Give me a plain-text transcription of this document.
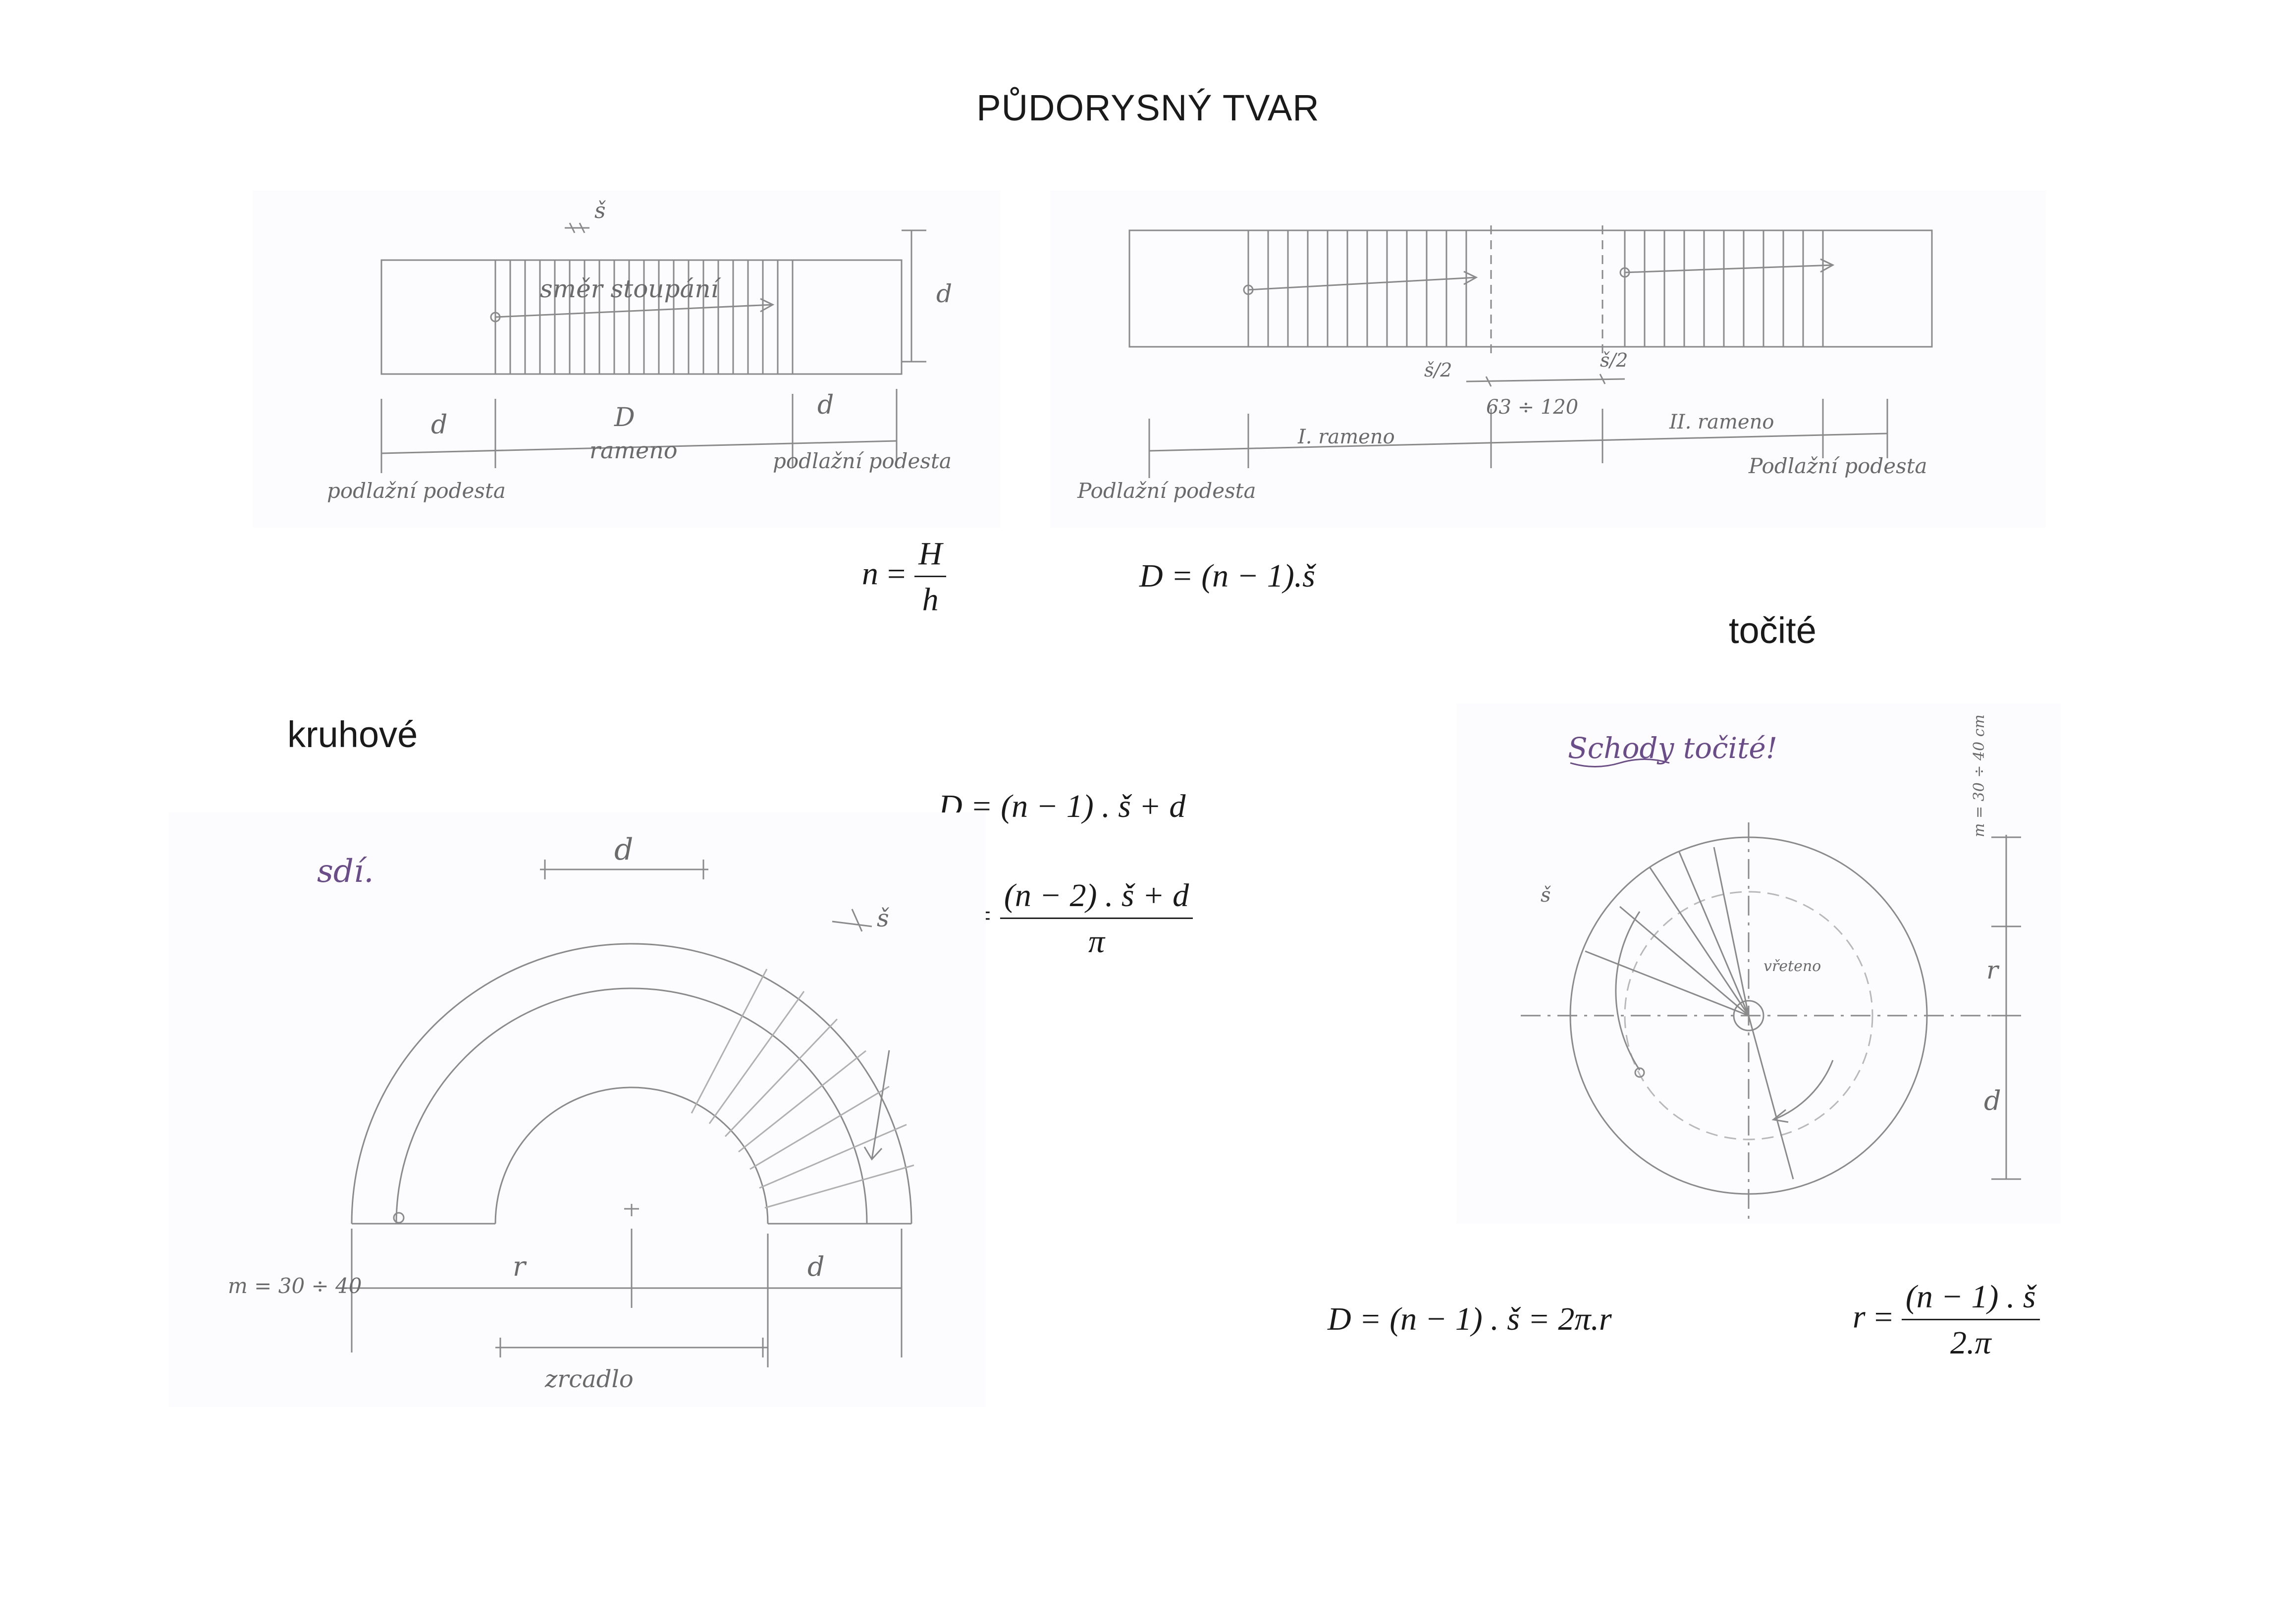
PŮDORYSNÝ TVAR
š
směr stoupání	d
d	D
rameno
d
podlažní podesta
podlažní podesta
š/2	š/2
63 ÷ 120
I. rameno
II. rameno
Podlažní podesta
Podlažní podesta
$n = \frac{H}{h}$	D = (n − 1).š
točité
kruhové
D = (n − 1) . š + d
$r = \frac{(n - 2) . š + d}{\pi}$
sdí.
d
š
m = 30 ÷ 40
r	d
zrcadlo
Schody točité!	m = 30 ÷ 40 cm
š
vřeteno	r
d
D = (n − 1) . š = 2π.r	$r = \frac{(n - 1) . š}{2.\pi}$
